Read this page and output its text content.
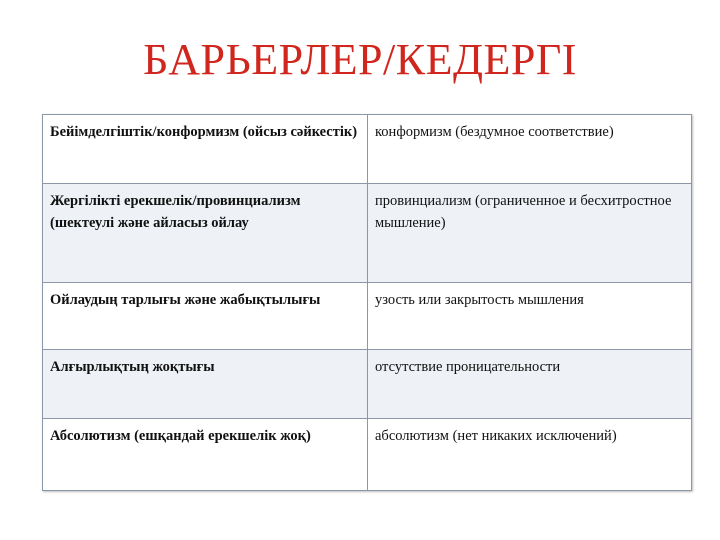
БАРЬЕРЛЕР/КЕДЕРГІ
Бейімделгіштік/конформизм (ойсыз сәйкестік)	конформизм (бездумное соответствие)
Жергілікті ерекшелік/провинциализм (шектеулі және айласыз ойлау	провинциализм (ограниченное и бесхитростное мышление)
Ойлаудың тарлығы және жабықтылығы	узость или закрытость мышления
Алғырлықтың жоқтығы	отсутствие проницательности
Абсолютизм (ешқандай ерекшелік жоқ)	абсолютизм (нет никаких исключений)
